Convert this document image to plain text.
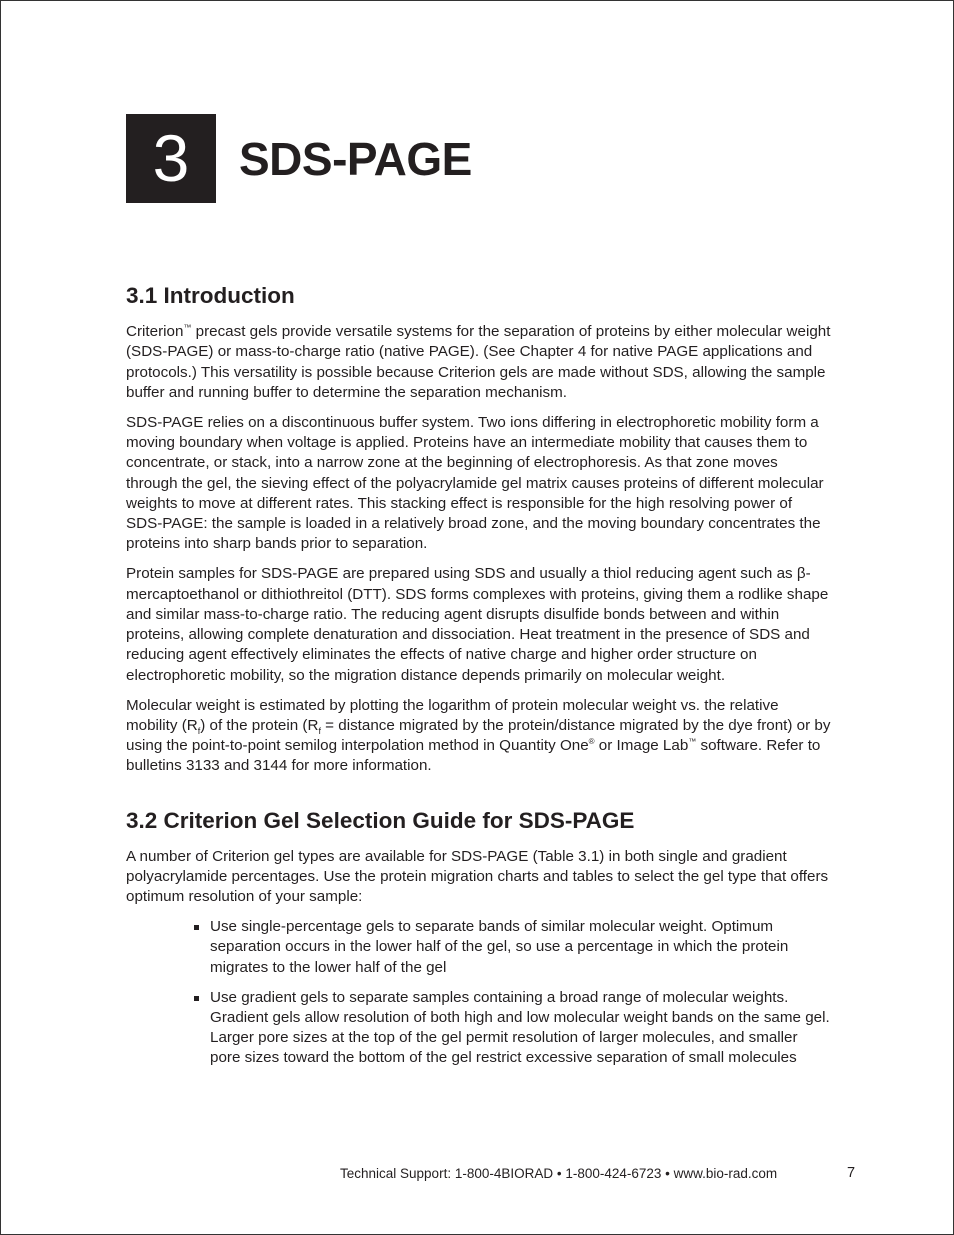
3	SDS-PAGE
3.1 Introduction

Criterion™ precast gels provide versatile systems for the separation of proteins by either molecular weight (SDS-PAGE) or mass-to-charge ratio (native PAGE). (See Chapter 4 for native PAGE applications and protocols.) This versatility is possible because Criterion gels are made without SDS, allowing the sample buffer and running buffer to determine the separation mechanism.

SDS-PAGE relies on a discontinuous buffer system. Two ions differing in electrophoretic mobility form a moving boundary when voltage is applied. Proteins have an intermediate mobility that causes them to concentrate, or stack, into a narrow zone at the beginning of electrophoresis. As that zone moves through the gel, the sieving effect of the polyacrylamide gel matrix causes proteins of different molecular weights to move at different rates. This stacking effect is responsible for the high resolving power of SDS-PAGE: the sample is loaded in a relatively broad zone, and the moving boundary concentrates the proteins into sharp bands prior to separation.

Protein samples for SDS-PAGE are prepared using SDS and usually a thiol reducing agent such as β-mercaptoethanol or dithiothreitol (DTT). SDS forms complexes with proteins, giving them a rodlike shape and similar mass-to-charge ratio. The reducing agent disrupts disulfide bonds between and within proteins, allowing complete denaturation and dissociation. Heat treatment in the presence of SDS and reducing agent effectively eliminates the effects of native charge and higher order structure on electrophoretic mobility, so the migration distance depends primarily on molecular weight.

Molecular weight is estimated by plotting the logarithm of protein molecular weight vs. the relative mobility $(R_f)$ of the protein ($R_f$ = distance migrated by the protein/distance migrated by the dye front) or by using the point-to-point semilog interpolation method in Quantity One® or Image Lab™ software. Refer to bulletins 3133 and 3144 for more information.

3.2 Criterion Gel Selection Guide for SDS-PAGE

A number of Criterion gel types are available for SDS-PAGE (Table 3.1) in both single and gradient polyacrylamide percentages. Use the protein migration charts and tables to select the gel type that offers optimum resolution of your sample:

Use single-percentage gels to separate bands of similar molecular weight. Optimum separation occurs in the lower half of the gel, so use a percentage in which the protein migrates to the lower half of the gel
Use gradient gels to separate samples containing a broad range of molecular weights. Gradient gels allow resolution of both high and low molecular weight bands on the same gel. Larger pore sizes at the top of the gel permit resolution of larger molecules, and smaller pore sizes toward the bottom of the gel restrict excessive separation of small molecules
Technical Support: 1-800-4BIORAD • 1-800-424-6723 • www.bio-rad.com	7
